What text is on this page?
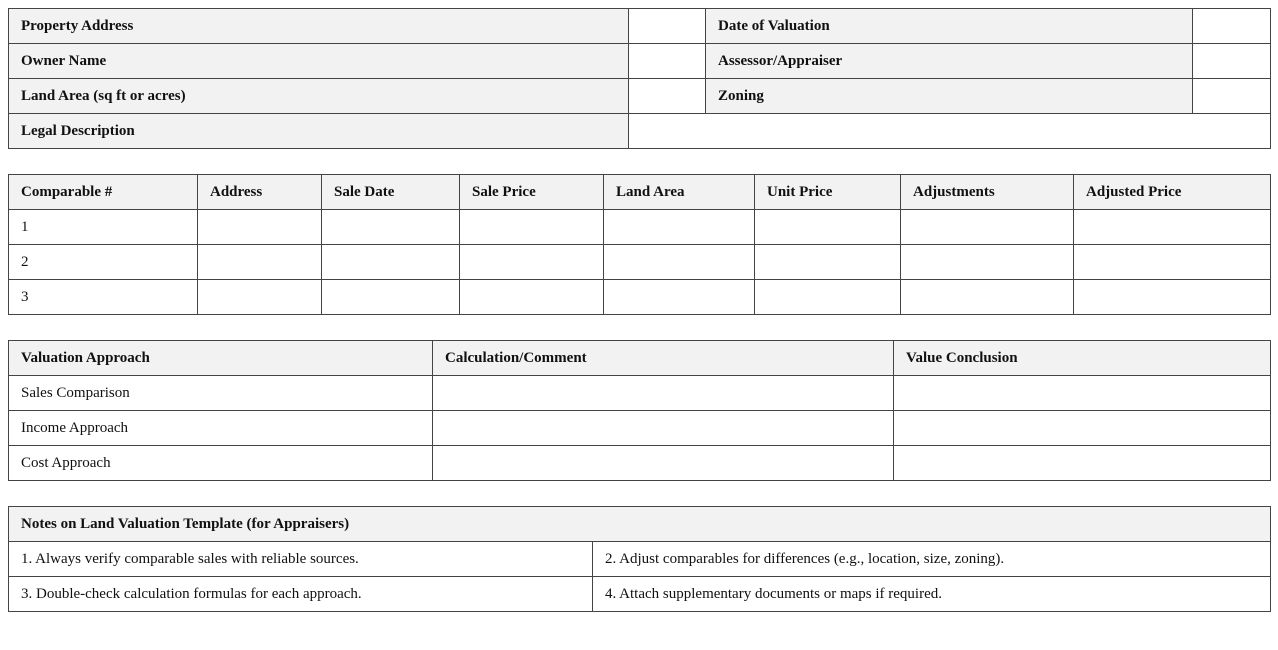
Property Address		Date of Valuation	
Owner Name		Assessor/Appraiser	
Land Area (sq ft or acres)		Zoning	
Legal Description			
Comparable #	Address	Sale Date	Sale Price	Land Area	Unit Price	Adjustments	Adjusted Price
1							
2							
3							
Valuation Approach	Calculation/Comment	Value Conclusion
Sales Comparison		
Income Approach		
Cost Approach		
Notes on Land Valuation Template (for Appraisers)	
1. Always verify comparable sales with reliable sources.	2. Adjust comparables for differences (e.g., location, size, zoning).
3. Double-check calculation formulas for each approach.	4. Attach supplementary documents or maps if required.
